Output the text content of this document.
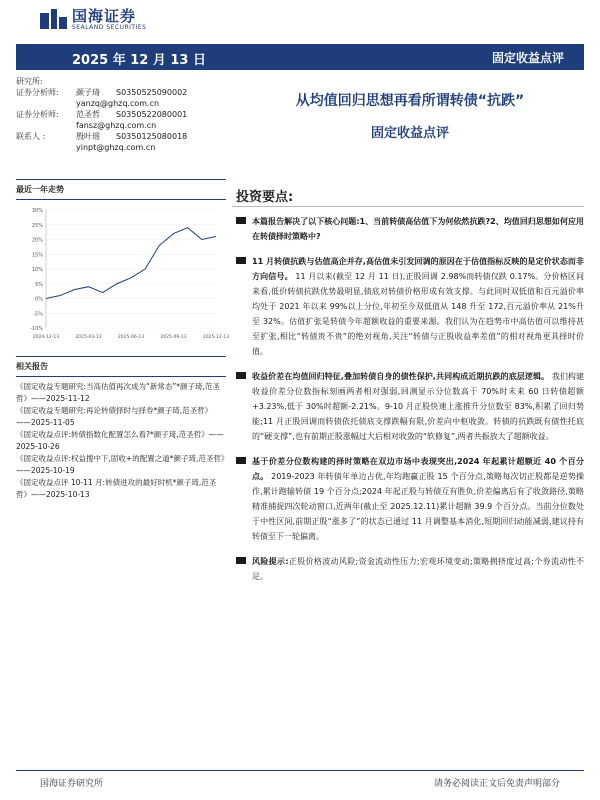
国海证券
SEALAND SECURITIES
2025 年 12 月 13 日	固定收益点评
研究所:
证券分析师:	颜子琦	S0350525090002
yanzq@ghzq.com.cn
证券分析师:	范圣哲	S0350522080001
fansz@ghzq.com.cn
联系人 :	殷叶瑶	S0350125080018
yinpt@ghzq.com.cn
最近一年走势
30%
25%
20%
15%
10%
5%
0%
-5%
-10%
2024-12-13	2025-03-13	2025-06-13	2025-09-13	2025-12-13
相关报告
《固定收益专题研究:当高估值再次成为“新常态”*颜子琦,范圣哲》——2025-11-12
《固定收益专题研究:再论转债择时与择券*颜子琦,范圣哲》——2025-11-05
《固定收益点评:转债指数化配置怎么看?*颜子琦,范圣哲》——2025-10-26
《固定收益点评:权益搜中下,固收+的配置之道*颜子琦,范圣哲》——2025-10-19
《固定收益点评 10-11 月:转债进攻的最好时机*颜子琦,范圣哲》——2025-10-13
从均值回归思想再看所谓转债“抗跌”
固定收益点评
投资要点:
本篇报告解决了以下核心问题:1、当前转债高估值下为何依然抗跌?2、均值回归思想如何应用在转债择时策略中?
11 月转债抗跌与估值高企并存,高估值未引发回调的原因在于估值指标反映的是定价状态而非方向信号。 11 月以来(截至 12 月 11 日),正股回调 2.98%而转债仅跌 0.17%。分价格区间来看,低价转债抗跌优势最明显,债底对转债价格形成有效支撑。与此同时双低值和百元溢价率均处于 2021 年以来 99%以上分位,年初至今双低值从 148 升至 172,百元溢价率从 21%升至 32%。估值扩张是转债今年超额收益的重要来源。我们认为在趋势市中高估值可以维持甚至扩张,相比“转债贵不贵”的绝对视角,关注“转债与正股收益率差值”的相对视角更具择时价值。
收益价差在均值回归特征,叠加转债自身的债性保护,共同构成近期抗跌的底层逻辑。 我们构建收益价差分位数指标刻画两者相对强弱,回测显示分位数高于 70%时未来 60 日转债超额+3.23%,低于 30%时超额-2.21%。9-10 月正股快速上涨推升分位数至 83%,积累了回归势能;11 月正股回调而转债依托债底支撑跌幅有限,价差向中枢收敛。转债的抗跌既有债性托底的“硬支撑”,也有前期正股涨幅过大后相对收敛的“软修复”,两者共振放大了超额收益。
基于价差分位数构建的择时策略在双边市场中表现突出,2024 年起累计超额近 40 个百分点。 2019-2023 年转债年单边占优,年均跑赢正股 15 个百分点,策略每次切正股都是逆势操作,累计跑输转债 19 个百分点;2024 年起正股与转债互有胜负,价差偏离后有了收敛路径,策略精准捕捉四次轮动窗口,近两年(截止至 2025.12.11)累计超额 39.9 个百分点。当前分位数处于中性区间,前期正股“涨多了”的状态已通过 11 月调整基本消化,短期回归动能减弱,建议持有转债至下一轮偏离。
风险提示:正股价格波动风险;资金流动性压力;宏观环境变动;策略拥挤度过高;个券流动性不足。
国海证券研究所	请务必阅读正文后免责声明部分
